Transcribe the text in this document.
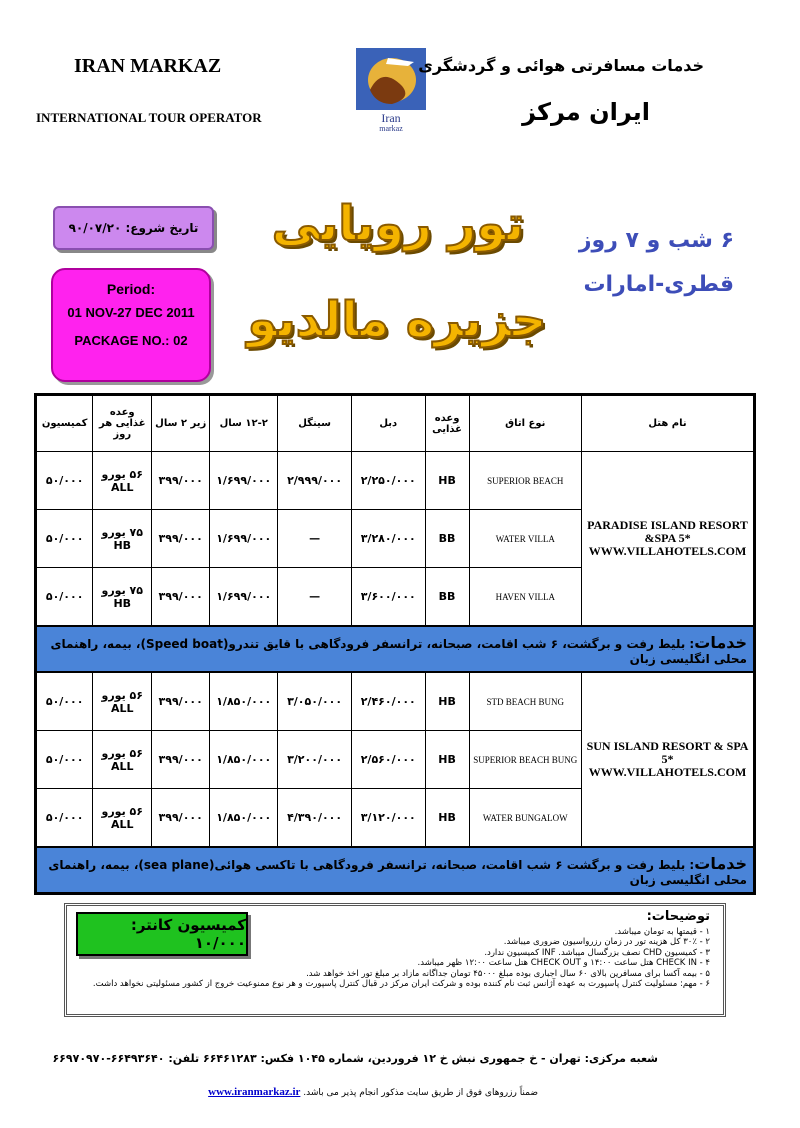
IRAN MARKAZ
INTERNATIONAL TOUR OPERATOR	Iran
markaz
خدمات مسافرتی هوائی و گردشگری
ایران مرکز
تاریخ شروع: ۹۰/۰۷/۲۰
Period:
01 NOV-27 DEC 2011
PACKAGE NO.: 02
تور رویایی
جزیره مالدیو
۶ شب و ۷ روز
قطری-امارات
نام هتل	نوع اتاق	وعده غذایی	دبل	سینگل	۱۲-۲ سال	زیر ۲ سال	وعده غذایی هر روز	کمیسیون
PARADISE ISLAND RESORT &SPA 5* WWW.VILLAHOTELS.COM	SUPERIOR BEACH	HB	۲/۲۵۰/۰۰۰	۲/۹۹۹/۰۰۰	۱/۶۹۹/۰۰۰	۳۹۹/۰۰۰	۵۶ یورو ALL	۵۰/۰۰۰
	WATER VILLA	BB	۳/۲۸۰/۰۰۰	—	۱/۶۹۹/۰۰۰	۳۹۹/۰۰۰	۷۵ یورو HB	۵۰/۰۰۰
	HAVEN VILLA	BB	۳/۶۰۰/۰۰۰	—	۱/۶۹۹/۰۰۰	۳۹۹/۰۰۰	۷۵ یورو HB	۵۰/۰۰۰
خدمات: بلیط رفت و برگشت، ۶ شب اقامت، صبحانه، ترانسفر فرودگاهی با قایق تندرو(Speed boat)، بیمه، راهنمای محلی انگلیسی زبان								
SUN ISLAND RESORT & SPA 5* WWW.VILLAHOTELS.COM	STD BEACH BUNG	HB	۲/۴۶۰/۰۰۰	۳/۰۵۰/۰۰۰	۱/۸۵۰/۰۰۰	۳۹۹/۰۰۰	۵۶ یورو ALL	۵۰/۰۰۰
	SUPERIOR BEACH BUNG	HB	۲/۵۶۰/۰۰۰	۳/۲۰۰/۰۰۰	۱/۸۵۰/۰۰۰	۳۹۹/۰۰۰	۵۶ یورو ALL	۵۰/۰۰۰
	WATER BUNGALOW	HB	۳/۱۲۰/۰۰۰	۴/۳۹۰/۰۰۰	۱/۸۵۰/۰۰۰	۳۹۹/۰۰۰	۵۶ یورو ALL	۵۰/۰۰۰
خدمات: بلیط رفت و برگشت ۶ شب اقامت، صبحانه، ترانسفر فرودگاهی با تاکسی هوائی(sea plane)، بیمه، راهنمای محلی انگلیسی زبان								
کمیسیون کانتر: ۱۰/۰۰۰
توضیحات:
۱ - قیمتها به تومان میباشد.
۲ - ۳۰٪ کل هزینه تور در زمان رزرواسیون ضروری میباشد.
۳ - کمیسیون CHD نصف بزرگسال میباشد. INF کمیسیون ندارد.
۴ - CHECK IN هتل ساعت ۱۴:۰۰ و CHECK OUT هتل ساعت ۱۲:۰۰ ظهر میباشد.
۵ - بیمه آکسا برای مسافرین بالای ۶۰ سال اجباری بوده مبلغ ۴۵۰۰۰ تومان جداگانه مازاد بر مبلغ تور اخذ خواهد شد.
۶ - مهم: مسئولیت کنترل پاسپورت به عهده آژانس ثبت نام کننده بوده و شرکت ایران مرکز در قبال کنترل پاسپورت و هر نوع ممنوعیت خروج از کشور مسئولیتی نخواهد داشت.
شعبه مرکزی: تهران - خ جمهوری نبش خ ۱۲ فروردین، شماره ۱۰۴۵ فکس: ۶۶۴۶۱۲۸۳ تلفن: ۶۶۴۹۳۶۴۰-۶۶۹۷۰۹۷۰
ضمناً رزروهای فوق از طریق سایت مذکور انجام پذیر می باشد. www.iranmarkaz.ir
